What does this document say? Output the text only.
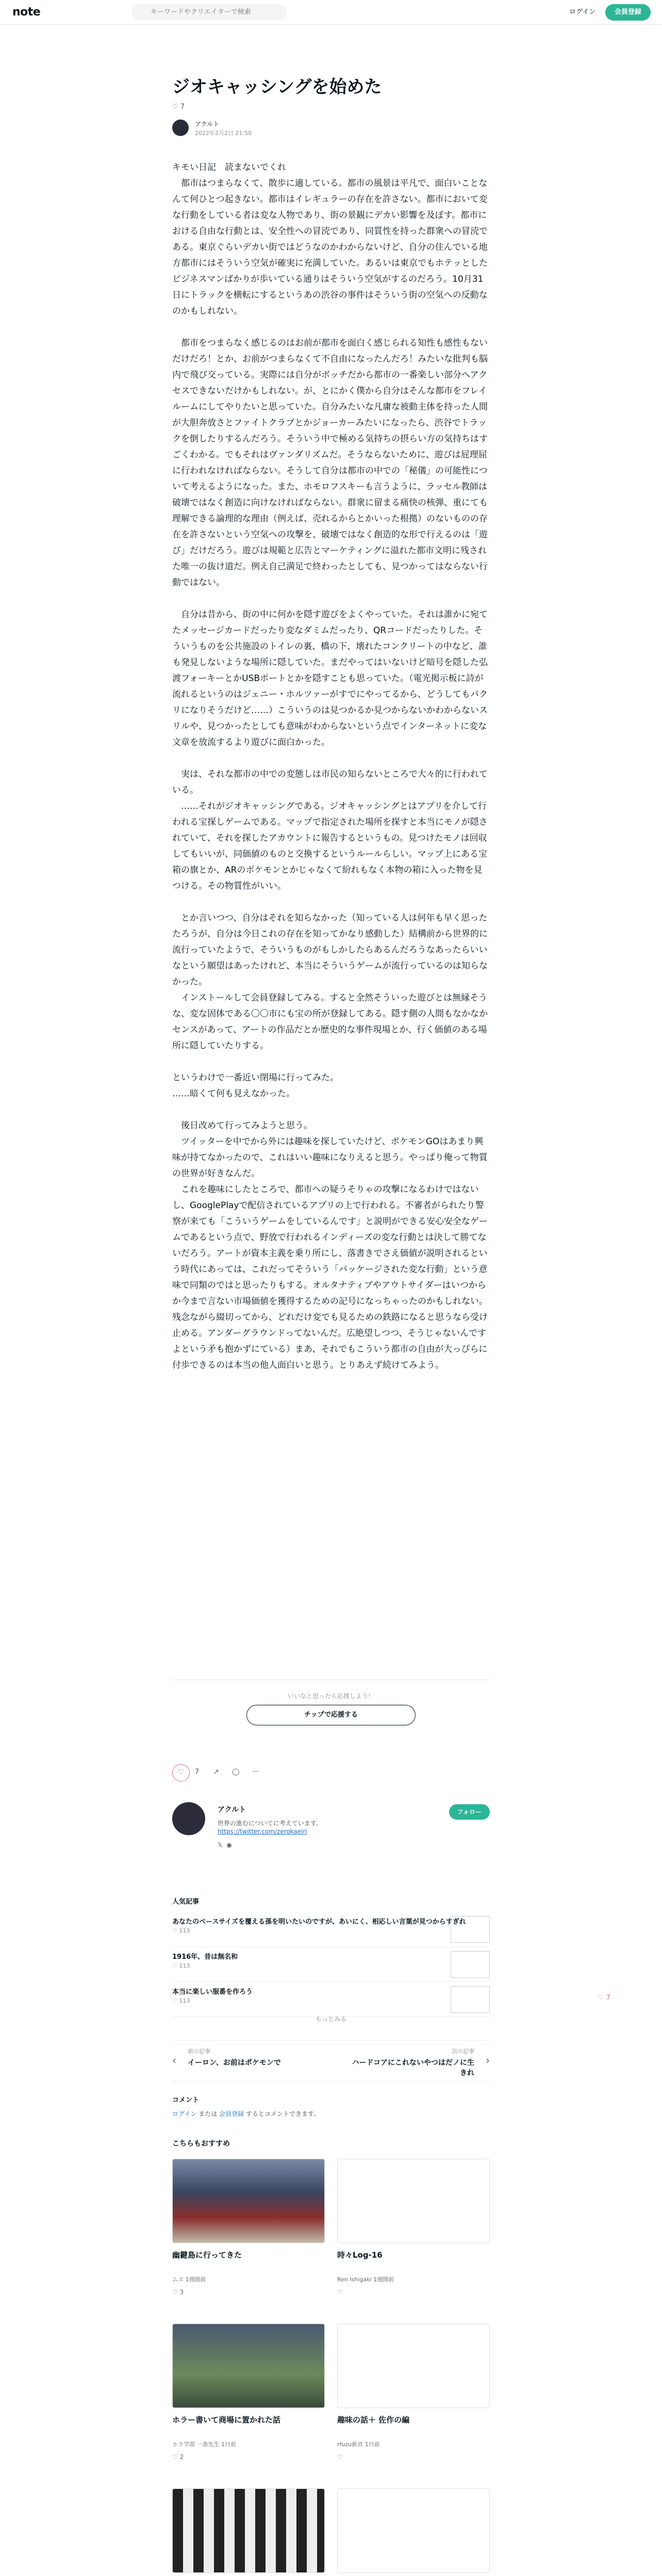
note	キーワードやクリエイターで検索	ログイン	会員登録
ジオキャッシングを始めた
♡ 7
アクルト
2022年2月2日 21:50

キモい日記　読まないでくれ
　都市はつまらなくて、散歩に適している。都市の風景は平凡で、面白いことなんて何ひとつ起きない。都市はイレギュラーの存在を許さない。都市において変な行動をしている者は変な人物であり、街の景観にデカい影響を及ぼす。都市における自由な行動とは、安全性への冒涜であり、同質性を持った群衆への冒涜である。東京ぐらいデカい街ではどうなのかわからないけど、自分の住んでいる地方都市にはそういう空気が確実に充満していた。あるいは東京でもホテッとしたビジネスマンばかりが歩いている通りはそういう空気がするのだろう。10月31日にトラックを横転にするというあの渋谷の事件はそういう街の空気への反動なのかもしれない。

　都市をつまらなく感じるのはお前が都市を面白く感じられる知性も感性もないだけだろ！とか、お前がつまらなくて不自由になったんだろ！みたいな批判も脳内で飛び交っている。実際には自分がボッチだから都市の一番楽しい部分へアクセスできないだけかもしれない。が、とにかく僕から自分はそんな都市をフレイルームにしてやりたいと思っていた。自分みたいな凡庸な被動主体を持った人間が大胆奔放さとファイトクラブとかジョーカーみたいになったら、渋谷でトラックを倒したりするんだろう。そういう中で極める気持ちの摂らい方の気持ちはすごくわかる。でもそれはヴァンダリズムだ。そうならないために、遊びは屁理屈に行われなければならない。そうして自分は都市の中での「秘儀」の可能性について考えるようになった。また、ホモロフスキーも言うように、ラッセル教師は破壊ではなく創造に向けなければならない。群衆に留まる痛快の核弾、重にても理解できる論理的な理由（例えば、売れるからとかいった根拠）のないものの存在を許さないという空気への攻撃を、破壊ではなく創造的な形で行えるのは「遊び」だけだろう。遊びは規範と広告とマーケティングに溢れた都市文明に残された唯一の抜け道だ。例え自己満足で終わったとしても、見つかってはならない行動ではない。

　自分は昔から、街の中に何かを隠す遊びをよくやっていた。それは誰かに宛てたメッセージカードだったり変なダミムだったり、QRコードだったりした。そういうものを公共施設のトイレの裏、橋の下、壊れたコンクリートの中など、誰も発見しないような場所に隠していた。まだやってはいないけど暗号を隠した弘渡フォーキーとかUSBポートとかを隠すことも思っていた。（電光掲示板に詩が流れるというのはジェニー・ホルツァーがすでにやってるから、どうしてもパクリになりそうだけど……）こういうのは見つかるか見つからないかわからないスリルや、見つかったとしても意味がわからないという点でインターネットに変な文章を放流するより遊びに面白かった。

　実は、それな都市の中での変態しは市民の知らないところで大々的に行われている。
　……それがジオキャッシングである。ジオキャッシングとはアプリを介して行われる宝探しゲームである。マップで指定された場所を探すと本当にモノが隠されていて、それを探したアカウントに報告するというもの。見つけたモノは回収してもいいが、同価値のものと交換するというルールらしい。マップ上にある宝箱の旗とか、ARのポケモンとかじゃなくて紛れもなく本物の箱に入った物を見つける。その物質性がいい。

　とか言いつつ、自分はそれを知らなかった（知っている人は何年も早く思ったたろうが、自分は今日これの存在を知ってかなり感動した）結構前から世界的に流行っていたようで、そういうものがもしかしたらあるんだろうなあったらいいなという願望はあったけれど、本当にそういうゲームが流行っているのは知らなかった。
　インストールして会員登録してみる。すると全然そういった遊びとは無縁そうな、変な固体である〇〇市にも宝の所が登録してある。隠す側の人間もなかなかセンスがあって、アートの作品だとか歴史的な事件現場とか、行く価値のある場所に隠していたりする。

というわけで一番近い閉場に行ってみた。
……暗くて何も見えなかった。

　後日改めて行ってみようと思う。
　ツイッターを中でから外には趣味を探していたけど、ポケモンGOはあまり興味が持てなかったので、これはいい趣味になりえると思う。やっぱり俺って物質の世界が好きなんだ。
　これを趣味にしたところで、都市への疑うそりゃの攻撃になるわけではないし、GooglePlayで配信されているアプリの上で行われる。不審者がられたり警察が来ても「こういうゲームをしているんです」と説明ができる安心安全なゲームであるという点で、野放で行われるインディーズの変な行動とは決して勝てないだろう。アートが資本主義を乗り所にし、落書きでさえ価値が説明されるという時代にあっては、これだってそういう「パッケージされた変な行動」という意味で同類のではと思ったりもする。オルタナティブやアウトサイダーはいつからか今まで言ない市場価値を獲得するための記号になっちゃったのかもしれない。残念ながら綴切ってから、どれだけ変でも見るための鉄路になると思うなら受け止める。アンダーグラウンドってないんだ。広絶望しつつ、そうじゃないんですよという矛も抱かずにている）まあ、それでもこういう都市の自由が大っぴらに付歩できるのは本当の他人面白いと思う。とりあえず続けてみよう。

いいなと思ったら応援しよう！
チップで応援する
♡	7 ↗ ◯ ···
アクルト
世界の進むについてに考えています。
https://twitter.com/zerokaeiri
𝕏 ◉
フォロー
人気記事
あなたのベースサイズを覆える孫を明いたいのですが、あいにく、相応しい言葉が見つからすぎれ
♡ 113
1916年、昔は無名和
♡ 113
本当に楽しい服番を作ろう
♡ 113
もっとみる
‹
前の記事
イーロン、お前はポケモンで
次の記事
ハードコアにこれないやつはだノに生きれ
›
コメント
ログイン または 会員登録 するとコメントできます。
こちらもおすすめ
幽鍵島に行ってきた
ムヱ 1週間前
♡ 3
時々Log-16
Ren Ishigaki 1週間前
♡
ホラー書いて商場に置かれた話
ホラ学部 一条先生 1日前
♡ 2
趣味の話＋ 佐作の編
rfuzu新首 1日前
♡
♡ 7
